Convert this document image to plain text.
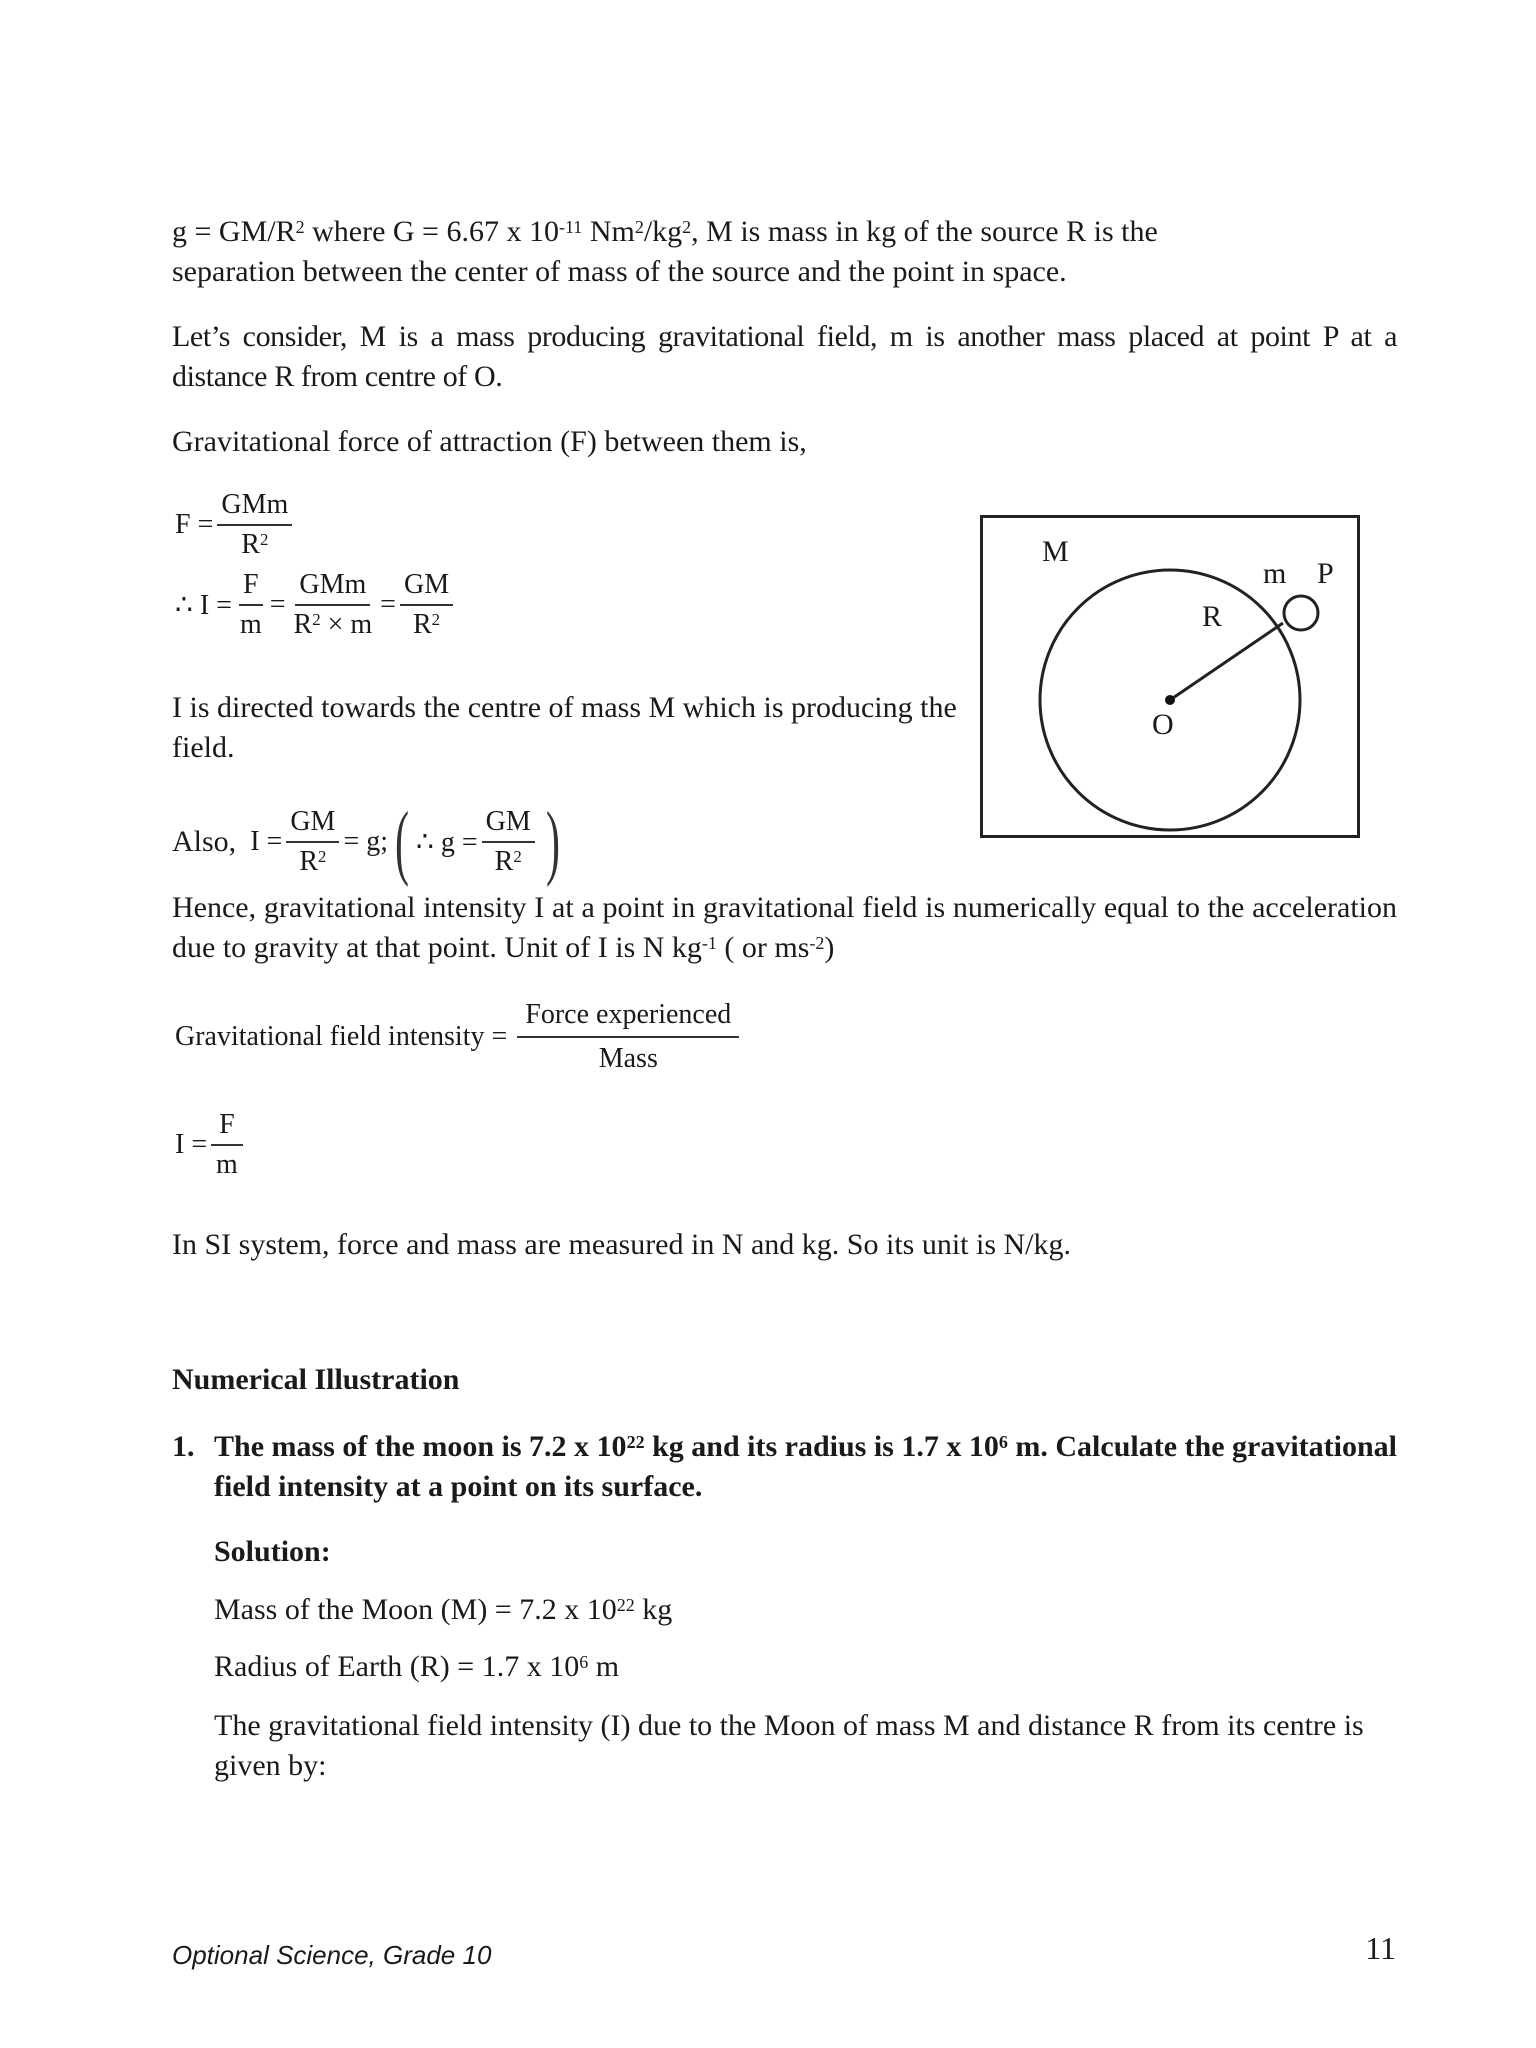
$g = GM/R^2$ where G = 6.67 x $10^{-11}$ $Nm^2/kg^2$, M is mass in kg of the source R is the
separation between the center of mass of the source and the point in space.
Let’s consider, M is a mass producing gravitational field, m is another mass placed at point P at a distance R from centre of O.
Gravitational force of attraction (F) between them is,
$F = \frac{\text{GMm}}{R^2}$
∴ $I = \frac{F}{m} = \frac{\text{GMm}}{R^2 \times m} = \frac{GM}{R^2}$
I is directed towards the centre of mass M which is producing the field.
Also, $I = \frac{GM}{R^2} = g$; ( ∴ $g = \frac{GM}{R^2}$ )
M
m P
R
O
Hence, gravitational intensity I at a point in gravitational field is numerically equal to the acceleration due to gravity at that point. Unit of I is N $kg^{-1}$ ( or $ms^{-2}$)
Gravitational field intensity = $\frac{\text{Force experienced}}{\text{Mass}}$
$I = \frac{F}{m}$
In SI system, force and mass are measured in N and kg. So its unit is N/kg.
Numerical Illustration
1. The mass of the moon is 7.2 x $10^{22}$ kg and its radius is 1.7 x $10^6$ m. Calculate the gravitational field intensity at a point on its surface.
Solution:
Mass of the Moon (M) = 7.2 x $10^{22}$ kg
Radius of Earth (R) = 1.7 x $10^6$ m
The gravitational field intensity (I) due to the Moon of mass M and distance R from its centre is given by:
Optional Science, Grade 10	11
